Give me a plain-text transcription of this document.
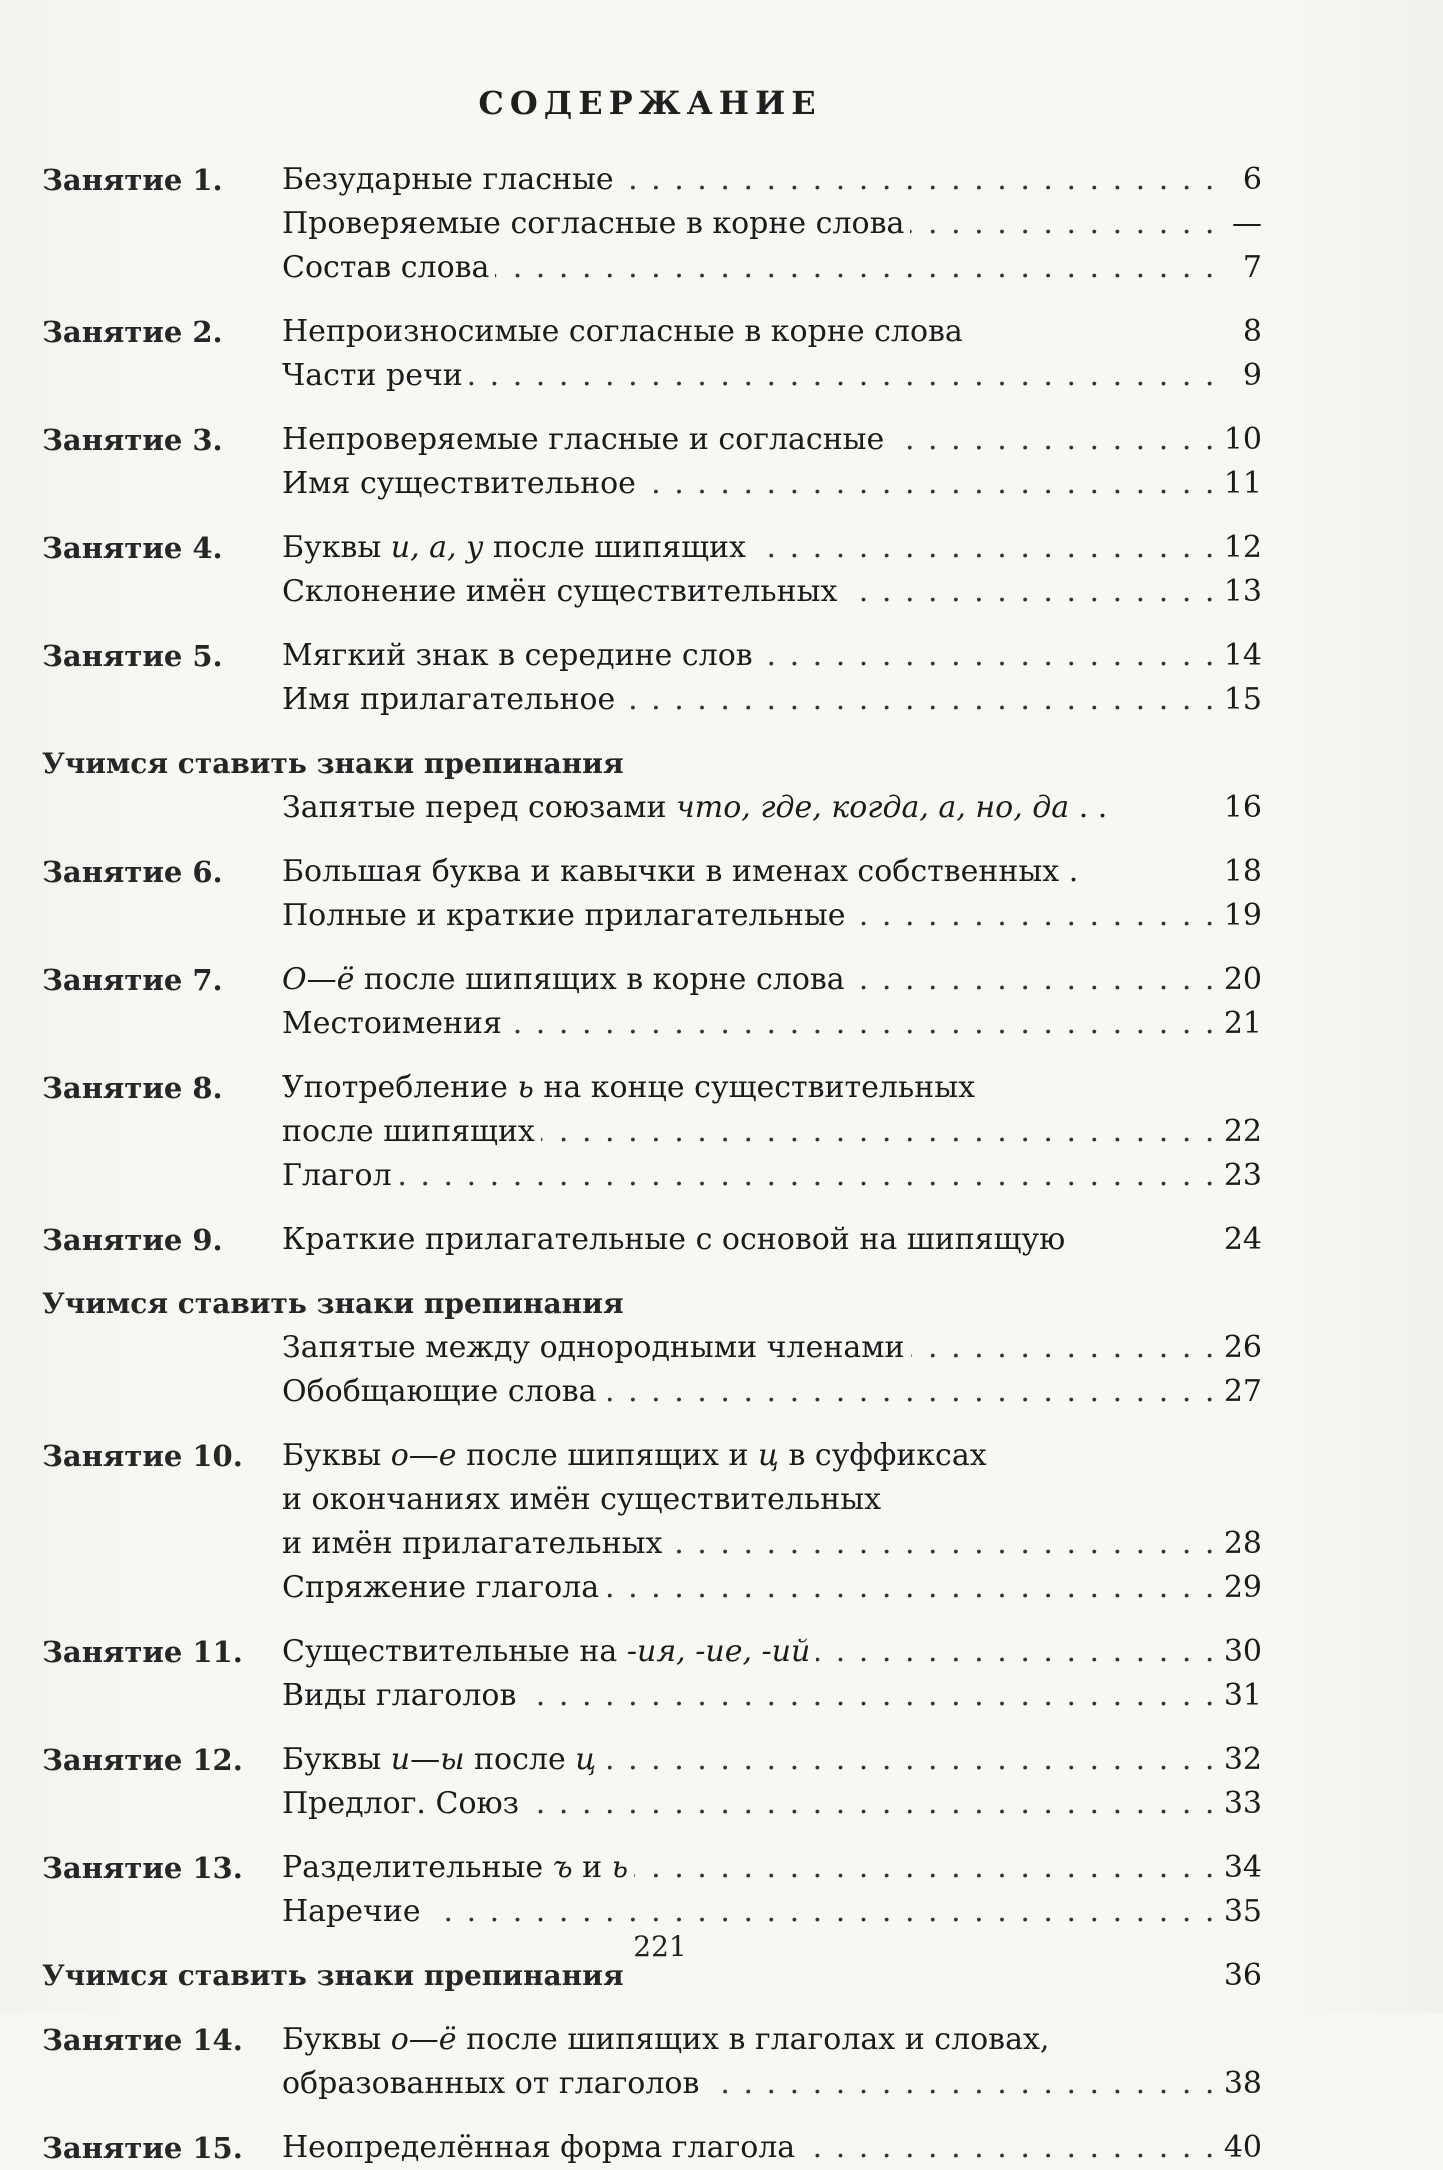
СОДЕРЖАНИЕ
Занятие 1. Безударные гласные . . .	6
Проверяемые согласные в корне слова . . .	—
Состав слова . . .	7
Занятие 2. Непроизносимые согласные в корне слова	8
Части речи . . .	9
Занятие 3. Непроверяемые гласные и согласные . . .	10
Имя существительное . . .	11
Занятие 4. Буквы и, а, у после шипящих . . .	12
Склонение имён существительных . . .	13
Занятие 5. Мягкий знак в середине слов . . .	14
Имя прилагательное . . .	15
Учимся ставить знаки препинания
Запятые перед союзами что, где, когда, а, но, да . .	16
Занятие 6. Большая буква и кавычки в именах собственных .	18
Полные и краткие прилагательные . . .	19
Занятие 7. О—ё после шипящих в корне слова . . .	20
Местоимения . . .	21
Занятие 8. Употребление ь на конце существительных
после шипящих . . .	22
Глагол . . .	23
Занятие 9. Краткие прилагательные с основой на шипящую	24
Учимся ставить знаки препинания
Запятые между однородными членами . . .	26
Обобщающие слова . . .	27
Занятие 10. Буквы о—е после шипящих и ц в суффиксах
и окончаниях имён существительных
и имён прилагательных . . .	28
Спряжение глагола . . .	29
Занятие 11. Существительные на -ия, -ие, -ий . . .	30
Виды глаголов . . .	31
Занятие 12. Буквы и—ы после ц . . .	32
Предлог. Союз . . .	33
Занятие 13. Разделительные ъ и ь . . .	34
Наречие . . .	35
Учимся ставить знаки препинания	36
Занятие 14. Буквы о—ё после шипящих в глаголах и словах,
образованных от глаголов . . .	38
Занятие 15. Неопределённая форма глагола . . .	40
221
